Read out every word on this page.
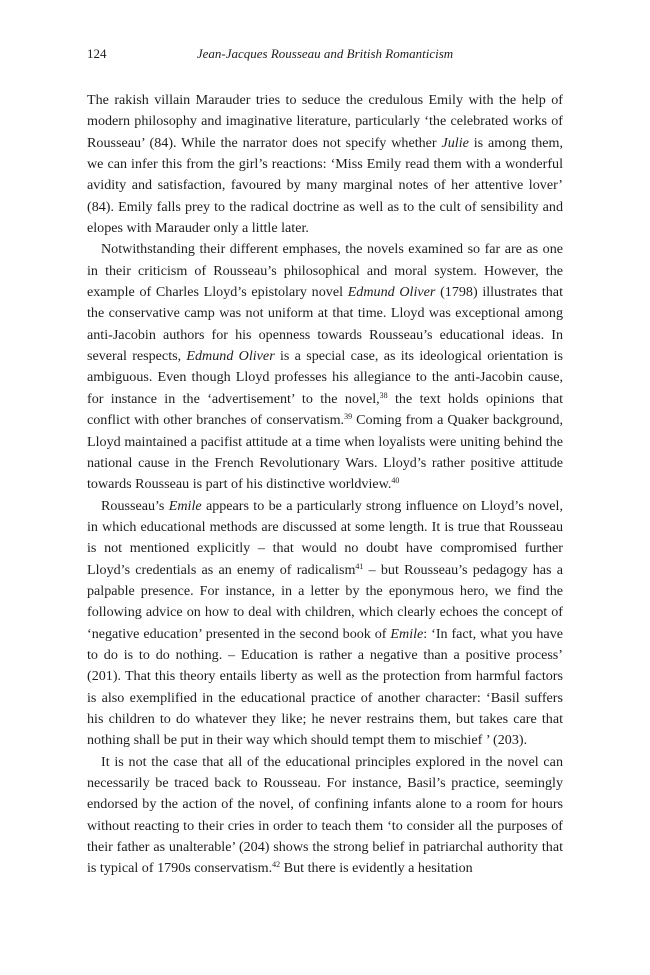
124	Jean-Jacques Rousseau and British Romanticism

The rakish villain Marauder tries to seduce the credulous Emily with the help of modern philosophy and imaginative literature, particularly ‘the celebrated works of Rousseau’ (84). While the narrator does not specify whether Julie is among them, we can infer this from the girl’s reactions: ‘Miss Emily read them with a wonderful avidity and satisfaction, favoured by many marginal notes of her attentive lover’ (84). Emily falls prey to the radical doctrine as well as to the cult of sensibility and elopes with Marauder only a little later.

Notwithstanding their different emphases, the novels examined so far are as one in their criticism of Rousseau’s philosophical and moral system. However, the example of Charles Lloyd’s epistolary novel Edmund Oliver (1798) illustrates that the conservative camp was not uniform at that time. Lloyd was exceptional among anti-Jacobin authors for his openness towards Rousseau’s educational ideas. In several respects, Edmund Oliver is a special case, as its ideological orientation is ambiguous. Even though Lloyd professes his allegiance to the anti-Jacobin cause, for instance in the ‘advertisement’ to the novel,$^{38}$ the text holds opinions that conflict with other branches of conservatism.$^{39}$ Coming from a Quaker background, Lloyd maintained a pacifist attitude at a time when loyalists were uniting behind the national cause in the French Revolutionary Wars. Lloyd’s rather positive attitude towards Rousseau is part of his distinctive worldview.$^{40}$

Rousseau’s Emile appears to be a particularly strong influence on Lloyd’s novel, in which educational methods are discussed at some length. It is true that Rousseau is not mentioned explicitly – that would no doubt have compromised further Lloyd’s credentials as an enemy of radicalism$^{41}$ – but Rousseau’s pedagogy has a palpable presence. For instance, in a letter by the eponymous hero, we find the following advice on how to deal with children, which clearly echoes the concept of ‘negative education’ presented in the second book of Emile: ‘In fact, what you have to do is to do nothing. – Education is rather a negative than a positive process’ (201). That this theory entails liberty as well as the protection from harmful factors is also exemplified in the educational practice of another character: ‘Basil suffers his children to do whatever they like; he never restrains them, but takes care that nothing shall be put in their way which should tempt them to mischief ’ (203).

It is not the case that all of the educational principles explored in the novel can necessarily be traced back to Rousseau. For instance, Basil’s practice, seemingly endorsed by the action of the novel, of confining infants alone to a room for hours without reacting to their cries in order to teach them ‘to consider all the purposes of their father as unalterable’ (204) shows the strong belief in patriarchal authority that is typical of 1790s conservatism.$^{42}$ But there is evidently a hesitation
